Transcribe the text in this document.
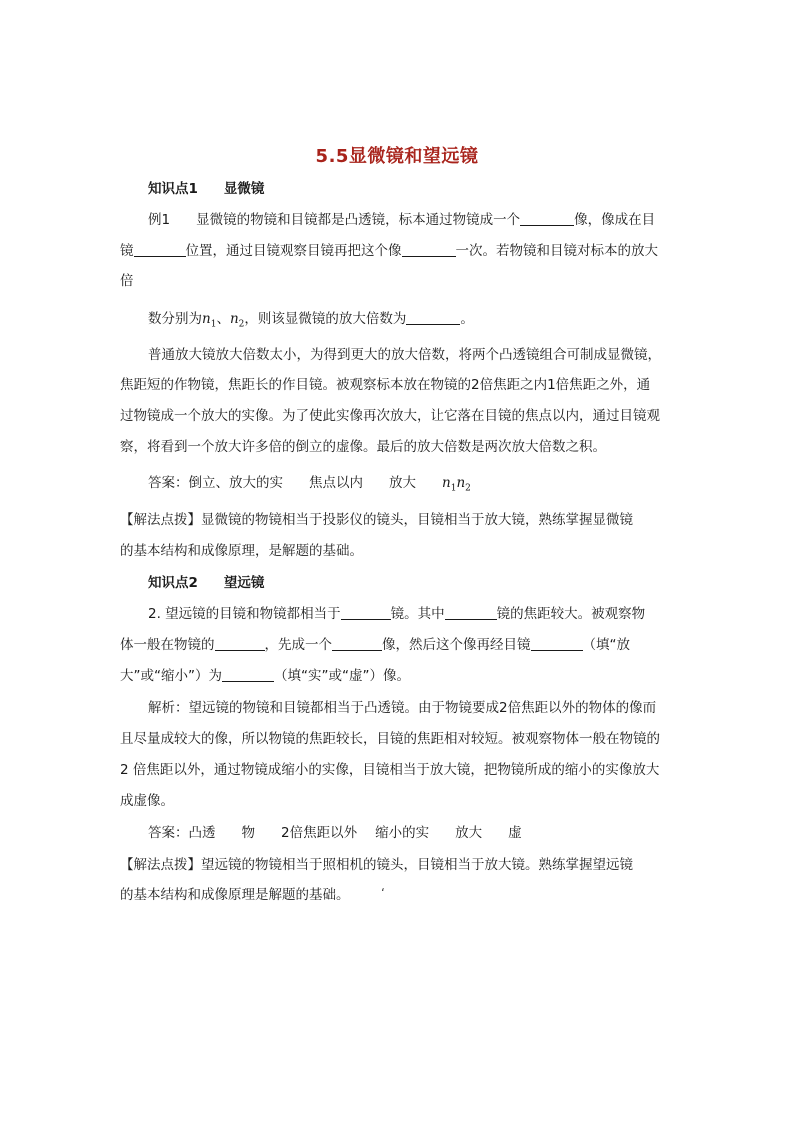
5.5显微镜和望远镜
知识点1 显微镜
例1 显微镜的物镜和目镜都是凸透镜，标本通过物镜成一个	像，像成在目
镜	位置，通过目镜观察目镜再把这个像	一次。若物镜和目镜对标本的放大
倍
数分别为$n_1$、$n_2$，则该显微镜的放大倍数为	。
普通放大镜放大倍数太小，为得到更大的放大倍数，将两个凸透镜组合可制成显微镜，
焦距短的作物镜，焦距长的作目镜。被观察标本放在物镜的2倍焦距之内1倍焦距之外，通
过物镜成一个放大的实像。为了使此实像再次放大，让它落在目镜的焦点以内，通过目镜观
察，将看到一个放大许多倍的倒立的虚像。最后的放大倍数是两次放大倍数之积。
答案：倒立、放大的实 焦点以内 放大 $n_1n_2$
【解法点拨】显微镜的物镜相当于投影仪的镜头，目镜相当于放大镜，熟练掌握显微镜
的基本结构和成像原理，是解题的基础。
知识点2 望远镜
2. 望远镜的目镜和物镜都相当于	镜。其中	镜的焦距较大。被观察物
体一般在物镜的	，先成一个	像，然后这个像再经目镜	（填“放
大”或“缩小”）为	（填“实”或“虚”）像。
解析：望远镜的物镜和目镜都相当于凸透镜。由于物镜要成2倍焦距以外的物体的像而
且尽量成较大的像，所以物镜的焦距较长，目镜的焦距相对较短。被观察物体一般在物镜的
2 倍焦距以外，通过物镜成缩小的实像，目镜相当于放大镜，把物镜所成的缩小的实像放大
成虚像。
答案：凸透 物 2倍焦距以外 缩小的实 放大 虚
【解法点拨】望远镜的物镜相当于照相机的镜头，目镜相当于放大镜。熟练掌握望远镜
的基本结构和成像原理是解题的基础。	‘
